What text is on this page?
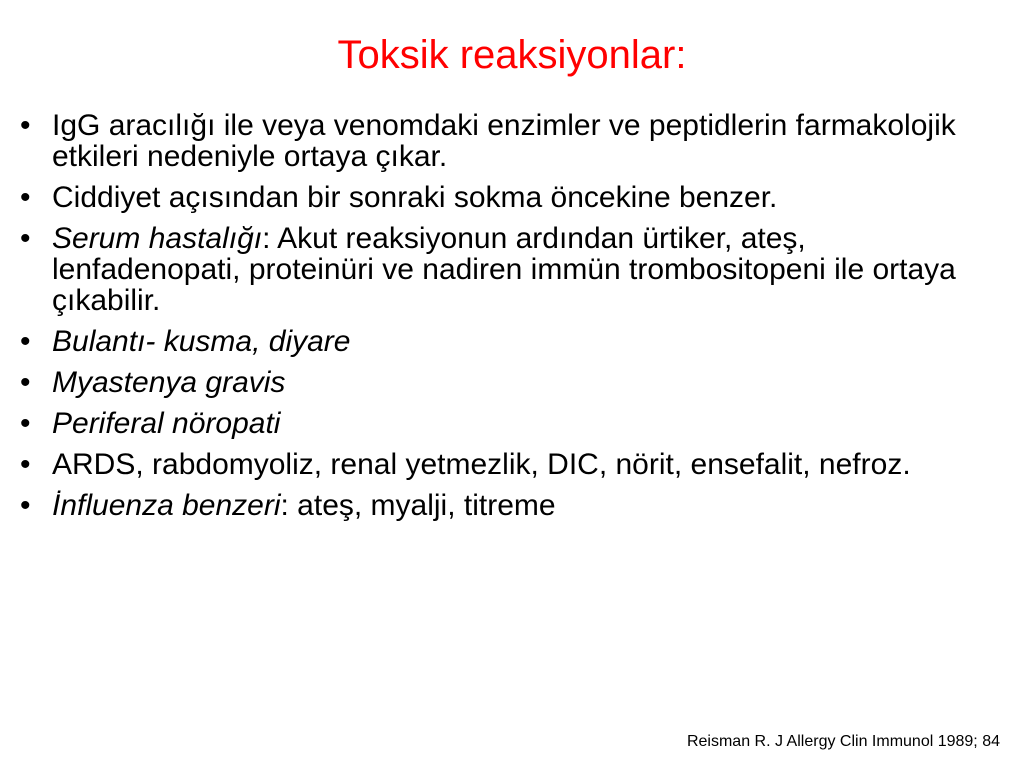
Toksik reaksiyonlar:
• IgG aracılığı ile veya venomdaki enzimler ve peptidlerin farmakolojik etkileri nedeniyle ortaya çıkar.
• Ciddiyet açısından bir sonraki sokma öncekine benzer.
• Serum hastalığı: Akut reaksiyonun ardından ürtiker, ateş, lenfadenopati, proteinüri ve nadiren immün trombositopeni ile ortaya çıkabilir.
• Bulantı- kusma, diyare
• Myastenya gravis
• Periferal nöropati
• ARDS, rabdomyoliz, renal yetmezlik, DIC, nörit, ensefalit, nefroz.
• İnfluenza benzeri: ateş, myalji, titreme
Reisman R. J Allergy Clin Immunol 1989; 84
